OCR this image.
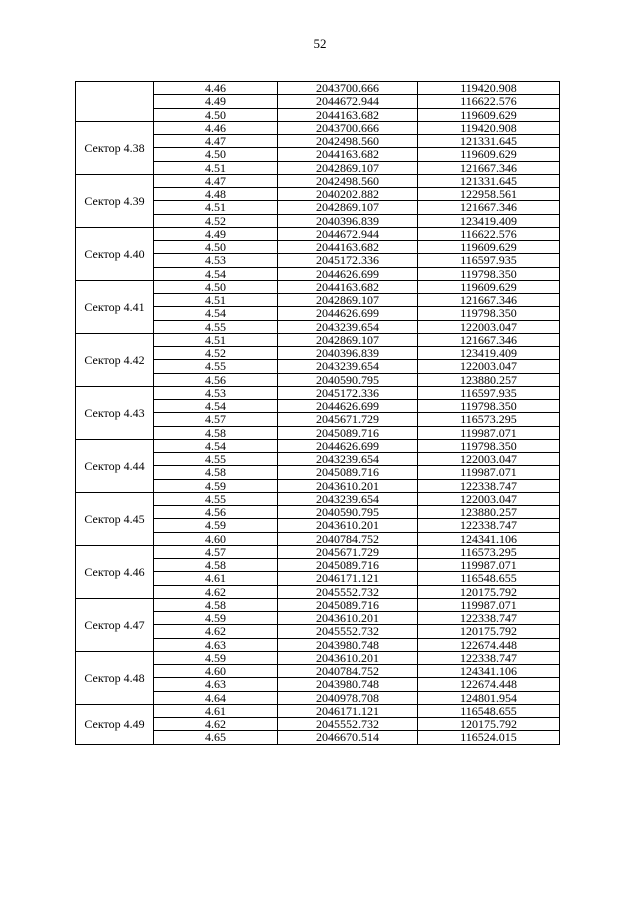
52
	4.46	2043700.666	119420.908
	4.49	2044672.944	116622.576
	4.50	2044163.682	119609.629
Сектор 4.38	4.46	2043700.666	119420.908
	4.47	2042498.560	121331.645
	4.50	2044163.682	119609.629
	4.51	2042869.107	121667.346
Сектор 4.39	4.47	2042498.560	121331.645
	4.48	2040202.882	122958.561
	4.51	2042869.107	121667.346
	4.52	2040396.839	123419.409
Сектор 4.40	4.49	2044672.944	116622.576
	4.50	2044163.682	119609.629
	4.53	2045172.336	116597.935
	4.54	2044626.699	119798.350
Сектор 4.41	4.50	2044163.682	119609.629
	4.51	2042869.107	121667.346
	4.54	2044626.699	119798.350
	4.55	2043239.654	122003.047
Сектор 4.42	4.51	2042869.107	121667.346
	4.52	2040396.839	123419.409
	4.55	2043239.654	122003.047
	4.56	2040590.795	123880.257
Сектор 4.43	4.53	2045172.336	116597.935
	4.54	2044626.699	119798.350
	4.57	2045671.729	116573.295
	4.58	2045089.716	119987.071
Сектор 4.44	4.54	2044626.699	119798.350
	4.55	2043239.654	122003.047
	4.58	2045089.716	119987.071
	4.59	2043610.201	122338.747
Сектор 4.45	4.55	2043239.654	122003.047
	4.56	2040590.795	123880.257
	4.59	2043610.201	122338.747
	4.60	2040784.752	124341.106
Сектор 4.46	4.57	2045671.729	116573.295
	4.58	2045089.716	119987.071
	4.61	2046171.121	116548.655
	4.62	2045552.732	120175.792
Сектор 4.47	4.58	2045089.716	119987.071
	4.59	2043610.201	122338.747
	4.62	2045552.732	120175.792
	4.63	2043980.748	122674.448
Сектор 4.48	4.59	2043610.201	122338.747
	4.60	2040784.752	124341.106
	4.63	2043980.748	122674.448
	4.64	2040978.708	124801.954
Сектор 4.49	4.61	2046171.121	116548.655
	4.62	2045552.732	120175.792
	4.65	2046670.514	116524.015
